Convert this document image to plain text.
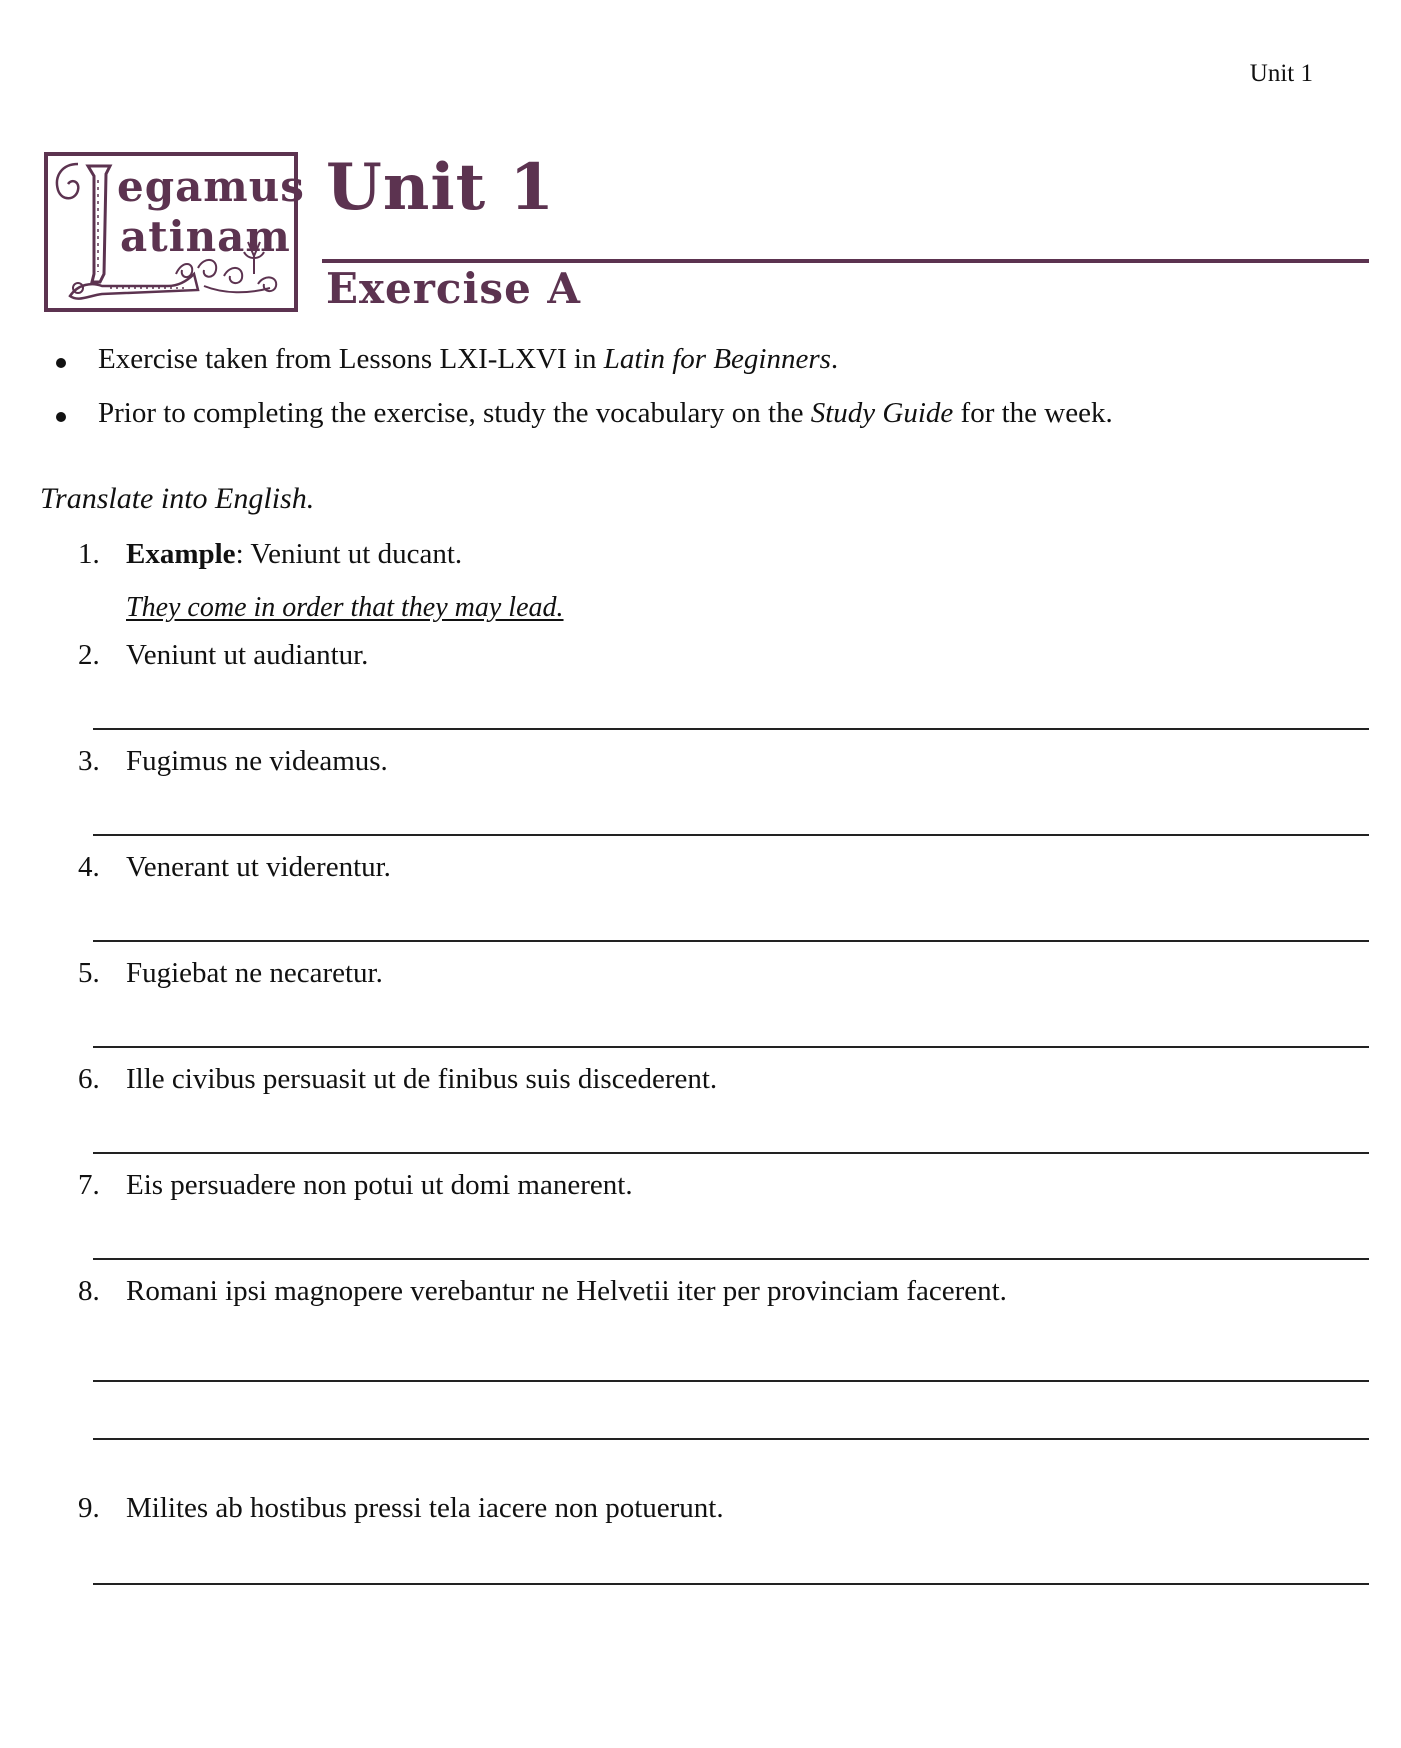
Unit 1
egamus
atinam
Unit 1
Exercise A
Exercise taken from Lessons LXI-LXVI in Latin for Beginners.
Prior to completing the exercise, study the vocabulary on the Study Guide for the week.
Translate into English.
1. Example: Veniunt ut ducant.
They come in order that they may lead.
2. Veniunt ut audiantur.
3. Fugimus ne videamus.
4. Venerant ut viderentur.
5. Fugiebat ne necaretur.
6. Ille civibus persuasit ut de finibus suis discederent.
7. Eis persuadere non potui ut domi manerent.
8. Romani ipsi magnopere verebantur ne Helvetii iter per provinciam facerent.
9. Milites ab hostibus pressi tela iacere non potuerunt.
